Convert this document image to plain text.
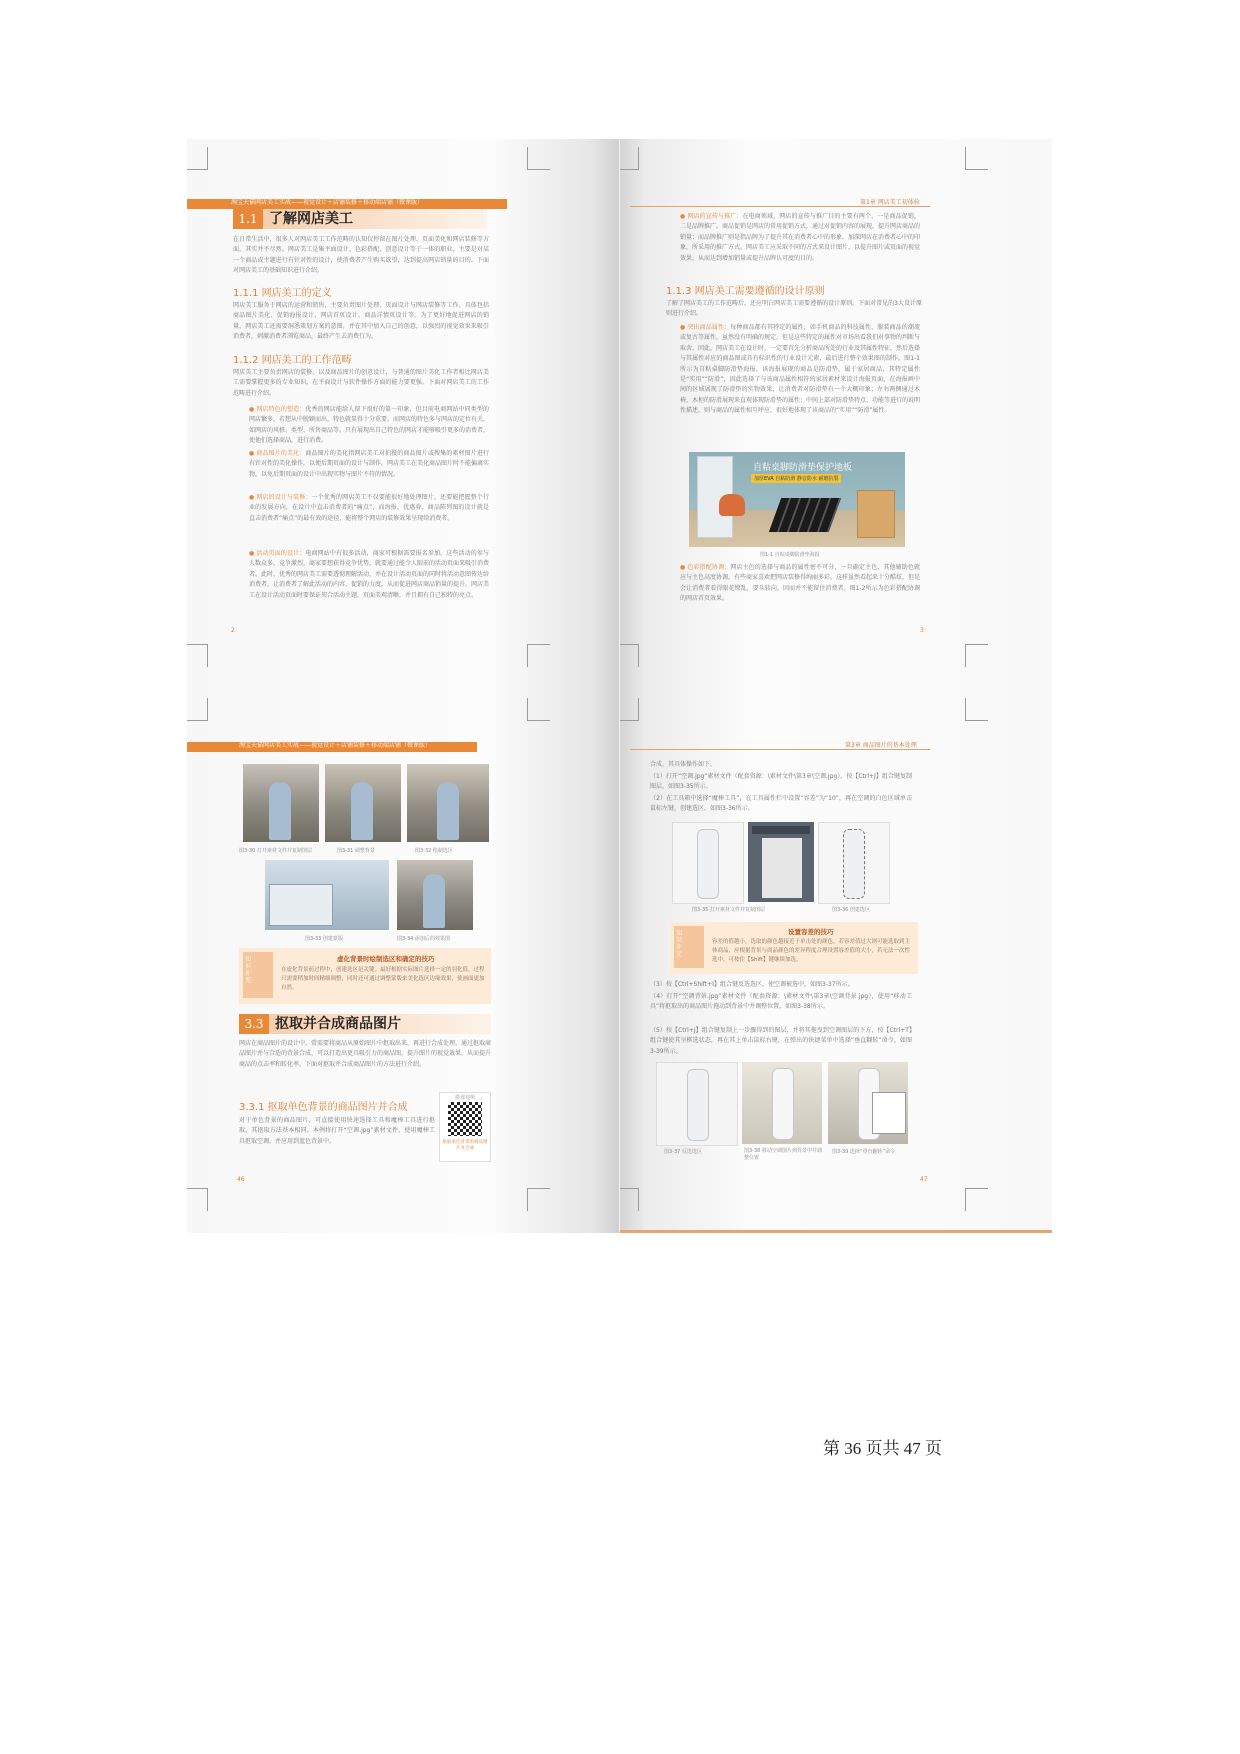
淘宝天猫网店美工实战——视觉设计＋店铺装修＋移动端店铺（微课版）
1.1 了解网店美工
在日常生活中，很多人对网店美工工作范畴的认知仅停留在图片处理、页面美化和网店装修等方面，其实并不尽然。网店美工是集平面设计、色彩搭配、创意设计等于一体的职业，主要是对某一个商品或主题进行有针对性的设计，使消费者产生购买欲望，达到提高网店销量的目的。下面对网店美工的基础知识进行介绍。
1.1.1 网店美工的定义
网店美工服务于网店的运营和销售，主要负责图片处理、页面设计与网店装修等工作，具体包括商品图片美化、促销海报设计、网店首页设计、商品详情页设计等。为了更好地促进网店的销量，网店美工还需要洞悉策划方案的意图，并在其中加入自己的创意，以强烈的视觉效果来吸引消费者，刺激消费者浏览商品，最终产生去消费行为。
1.1.2 网店美工的工作范畴
网店美工主要负责网店的装修，以及商品图片的创意设计，与普通的图片美化工作者相比网店美工需要掌握更多的专业知识，在平面设计与软件操作方面的能力要更强。下面对网店美工的工作范畴进行介绍。
● 网店特色的塑造：优秀的网店能给人留下很好的第一印象，但目前电商网站中同类型的网店繁多，若想从中脱颖而出，特色就显得十分重要。而网店的特色多与网店的定位有关，如网店的风格、类型、所售商品等。只有展现出自己特色的网店才能够吸引更多的消费者，使他们选择商品，进行消费。
● 商品图片的美化：商品图片的美化指网店美工对拍摄的商品图片或搜集的素材图片进行有针对性的美化操作，以便后期页面的设计与制作。网店美工在美化商品图片时不能偏离实物，以免后期页面的设计中出现实物与图片不符的情况。
● 网店的设计与装修：一个优秀的网店美工不仅要能很好地处理图片，还要能把握整个行业的发展方向，在设计中直击消费者的“痛点”，而海报、优惠券、商品陈列图的设计就是直击消费者“痛点”的最有效的途径，能将整个网店的装修效果呈现给消费者。
● 活动页面的设计：电商网站中有很多活动，商家可根据需要报名参加。这些活动的参与人数众多，竞争激烈，商家要想获得竞争优势，就要通过能令人眼前的活动页面来吸引消费者。此时，优秀的网店美工需要透彻理解活动，并在设计活动页面的同时将活动意图传达给消费者，让消费者了解此活动的内容、促销的力度，从而促进网店商品销量的提升。网店美工在设计活动页面时要保证契合活动主题，页面美观清晰，并且拥有自己独特的亮点。
2
第1章 网店美工初体验
● 网店的宣传与推广：在电商领域，网店的宣传与推广目的主要有两个，一是商品促销，二是品牌推广。商品促销是网店的常用促销方式，通过对促销内容的展现，提升网店商品的销量；而品牌推广则是指品牌为了提升其在消费者心中的形象，加深网店在消费者心中的印象，所采用的推广方式。网店美工应采取不同的方式来设计图片，以提升图片或页面的视觉效果，从而达到增加销量或提升品牌认可度的目的。
1.1.3 网店美工需要遵循的设计原则
了解了网店美工的工作范畴后，还应明白网店美工需要遵循的设计原则。下面对常见的3大设计原则进行介绍。
● 突出商品属性：每种商品都有其特定的属性，如手机商品的科技属性、服装商品的潮流或复古等属性，虽然没有明确的规定，但是这些特定的属性对市场出看我们对事物的判断与取舍。因此，网店美工在设计时，一定要首先分析商品所处的行业及其属性特征，然后选择与其属性对应的商品图或具有标识性的行业设计元素，最后进行整个效果图的制作。图1-1所示为自粘桌脚防滑垫海报，该海报展现的商品是防滑垫，属于家居商品，其特定属性是“实用”“防滑”，因此选择了与该商品属性相符的家居素材来设计海报页面，在海报画中间的区域展现了防滑垫的实物效果，让消费者对防滑垫有一个大概印象；左右两侧通过木椅、木柜的防滑展现来直观体现防滑垫的属性；中间上部对防滑垫特点、功能等进行的说明性描述，则与商品的属性相互呼应，很好地体现了该商品的“实用”“防滑”属性。
自粘桌脚防滑垫保护地板
加厚EVA 自粘防滑 静音防水 耐磨抗裂
图1-1 自粘桌脚防滑垫海报
● 色彩搭配协调：网店主色的选择与商品的属性密不可分，一旦确定主色，其他辅助色就应与主色高度协调，有些商家喜欢把网店装修得绚丽多彩，这样虽然看起来十分酷炫，但是会让消费者看得眼花缭乱，要头转向，因而并不能留住消费者。图1-2所示为色彩搭配协调的网店首页效果。
3
淘宝天猫网店美工实战——视觉设计＋店铺装修＋移动端店铺（微课版）
图3-30 打开素材文件并复制图层	图3-31 调整背景	图3-32 绘制选区
图3-33 创建蒙版	图3-34 添加后的效果图
知识补充
虚化背景时绘制选区和确定的技巧
在虚化背景前过程中，创建选区是关键。最好根据实际图片选择一定的羽化值，过程只需要稍加时间精细调整，同时还可通过调整蒙版来美化选区边缘效果，使画面更加自然。
3.3 抠取并合成商品图片
网店在商品图片的设计中，常需要将商品从原始图片中抠取出来，再进行合成处理。通过抠取商品图片并与合适的背景合成，可以打造出更具吸引力的商品图，提升图片的视觉效果，从而提升商品的点击率和转化率。下面对抠取并合成商品图片的方法进行介绍。
3.3.1 抠取单色背景的商品图片并合成
对于单色背景的商品图片，可直接使用快速选择工具和魔棒工具进行抠取，其抠取方法基本相同。本例将打开“空调.jpg”素材文件，使用魔棒工具抠取空调，并应用到蓝色背景中。
微课视频
抠取单色背景的商品图片并合成
46
第3章 商品图片的基本处理
合成，其具体操作如下。
（1）打开“空调.jpg”素材文件（配套资源：\素材文件\第3章\空调.jpg），按【Ctrl+J】组合键复制图层，如图3-35所示。
（2）在工具箱中选择“魔棒工具”，在工具属性栏中设置“容差”为“10”，再在空调的白色区域单击鼠标左键，创建选区，如图3-36所示。
图3-35 打开素材文件并复制图层	图3-36 创建选区
知识补充
设置容差的技巧
容差的值越小，选取的颜色越接近于单击处的颜色，若容差值过大则可能选取到主体商品，应根据背景与商品颜色的差异程度合理设置容差值的大小，若无法一次性选中，可按住【Shift】键继续加选。
（3）按【Ctrl+Shift+I】组合键反选选区，使空调被选中，如图3-37所示。
（4）打开“空调背景.jpg”素材文件（配套资源：\素材文件\第3章\空调背景.jpg），使用“移动工具”将抠取出的商品图片拖动到背景中并调整位置，如图3-38所示。
（5）按【Ctrl+J】组合键复制上一步骤得到的图层，并将其拖曳到空调图层的下方，按【Ctrl+T】组合键使其呈框选状态，再在其上单击鼠标右键，在弹出的快捷菜单中选择“垂直翻转”命令，如图3-39所示。
图3-37 反选选区	图3-38 移动空调图片到背景中并调整位置
图3-39 选择“垂直翻转”命令
47
第 36 页共 47 页
